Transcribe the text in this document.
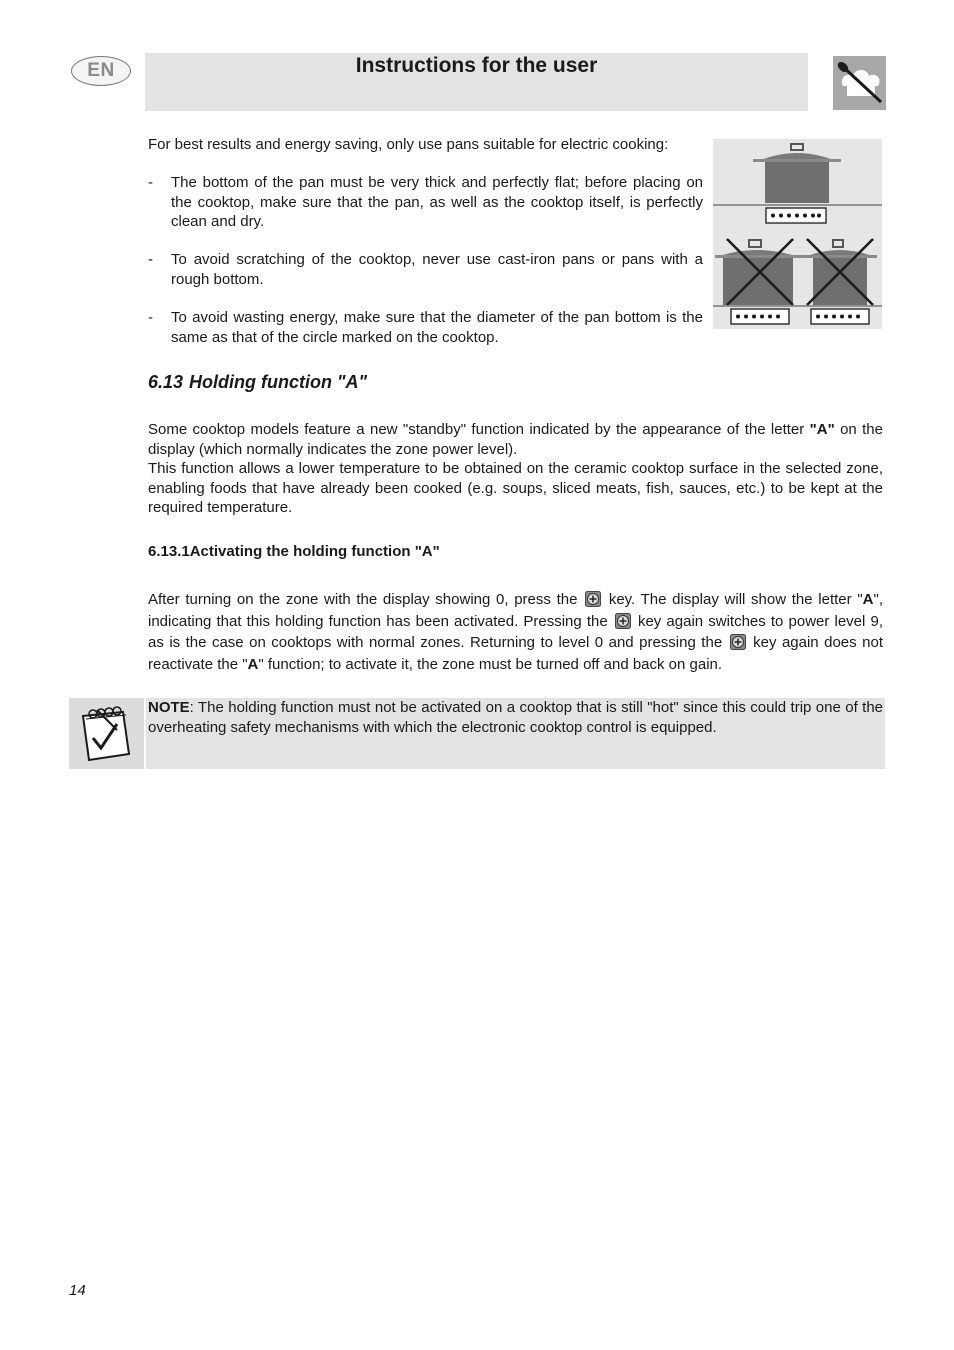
EN	Instructions for the user
For best results and energy saving, only use pans suitable for electric cooking:
- The bottom of the pan must be very thick and perfectly flat; before placing on the cooktop, make sure that the pan, as well as the cooktop itself, is perfectly clean and dry.
- To avoid scratching of the cooktop, never use cast-iron pans or pans with a rough bottom.
- To avoid wasting energy, make sure that the diameter of the pan bottom is the same as that of the circle marked on the cooktop.
6.13 Holding function "A"
Some cooktop models feature a new "standby" function indicated by the appearance of the letter "A" on the display (which normally indicates the zone power level).
This function allows a lower temperature to be obtained on the ceramic cooktop surface in the selected zone, enabling foods that have already been cooked (e.g. soups, sliced meats, fish, sauces, etc.) to be kept at the required temperature.
6.13.1Activating the holding function "A"
After turning on the zone with the display showing 0, press the key. The display will show the letter "A", indicating that this holding function has been activated. Pressing the key again switches to power level 9, as is the case on cooktops with normal zones. Returning to level 0 and pressing the key again does not reactivate the "A" function; to activate it, the zone must be turned off and back on gain.
NOTE: The holding function must not be activated on a cooktop that is still "hot" since this could trip one of the overheating safety mechanisms with which the electronic cooktop control is equipped.
14
